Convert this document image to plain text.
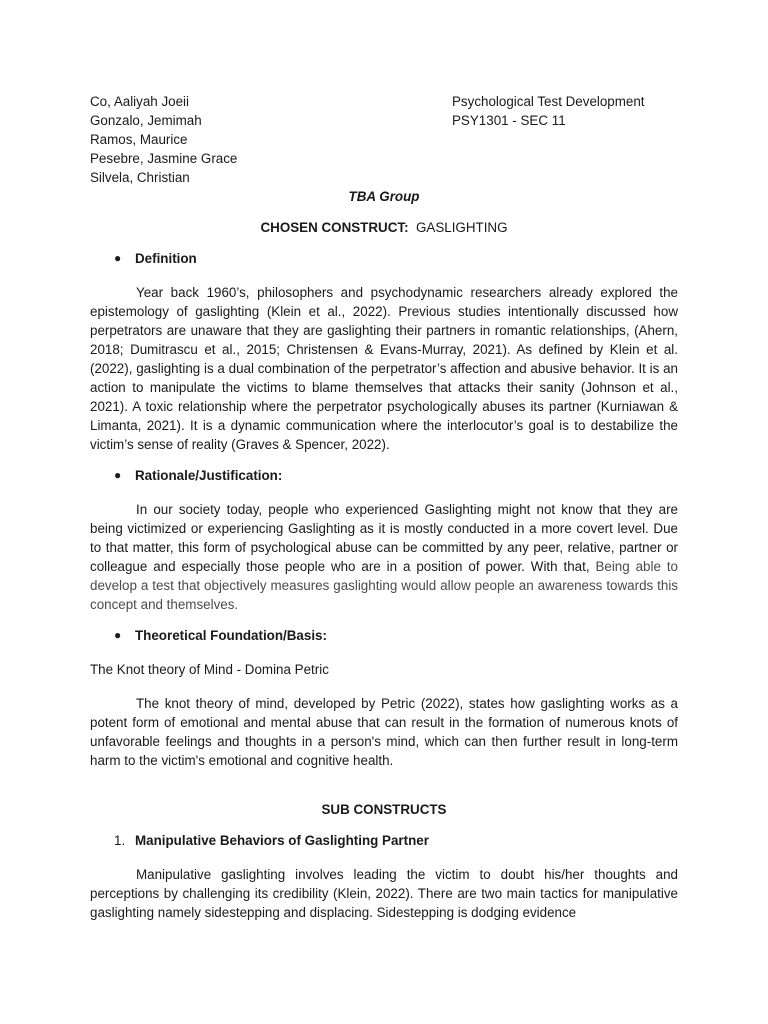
Co, Aaliyah Joeii
Gonzalo, Jemimah
Ramos, Maurice
Pesebre, Jasmine Grace
Silvela, Christian
Psychological Test Development
PSY1301 - SEC 11
TBA Group
CHOSEN CONSTRUCT: GASLIGHTING
●	Definition

Year back 1960’s, philosophers and psychodynamic researchers already explored the epistemology of gaslighting (Klein et al., 2022). Previous studies intentionally discussed how perpetrators are unaware that they are gaslighting their partners in romantic relationships, (Ahern, 2018; Dumitrascu et al., 2015; Christensen & Evans-Murray, 2021). As defined by Klein et al. (2022), gaslighting is a dual combination of the perpetrator’s affection and abusive behavior. It is an action to manipulate the victims to blame themselves that attacks their sanity (Johnson et al., 2021). A toxic relationship where the perpetrator psychologically abuses its partner (Kurniawan & Limanta, 2021). It is a dynamic communication where the interlocutor’s goal is to destabilize the victim’s sense of reality (Graves & Spencer, 2022).

●	Rationale/Justification:

In our society today, people who experienced Gaslighting might not know that they are being victimized or experiencing Gaslighting as it is mostly conducted in a more covert level. Due to that matter, this form of psychological abuse can be committed by any peer, relative, partner or colleague and especially those people who are in a position of power. With that, Being able to develop a test that objectively measures gaslighting would allow people an awareness towards this concept and themselves.

●	Theoretical Foundation/Basis:
The Knot theory of Mind - Domina Petric

The knot theory of mind, developed by Petric (2022), states how gaslighting works as a potent form of emotional and mental abuse that can result in the formation of numerous knots of unfavorable feelings and thoughts in a person's mind, which can then further result in long-term harm to the victim's emotional and cognitive health.

SUB CONSTRUCTS
1. Manipulative Behaviors of Gaslighting Partner

Manipulative gaslighting involves leading the victim to doubt his/her thoughts and perceptions by challenging its credibility (Klein, 2022). There are two main tactics for manipulative gaslighting namely sidestepping and displacing. Sidestepping is dodging evidence
